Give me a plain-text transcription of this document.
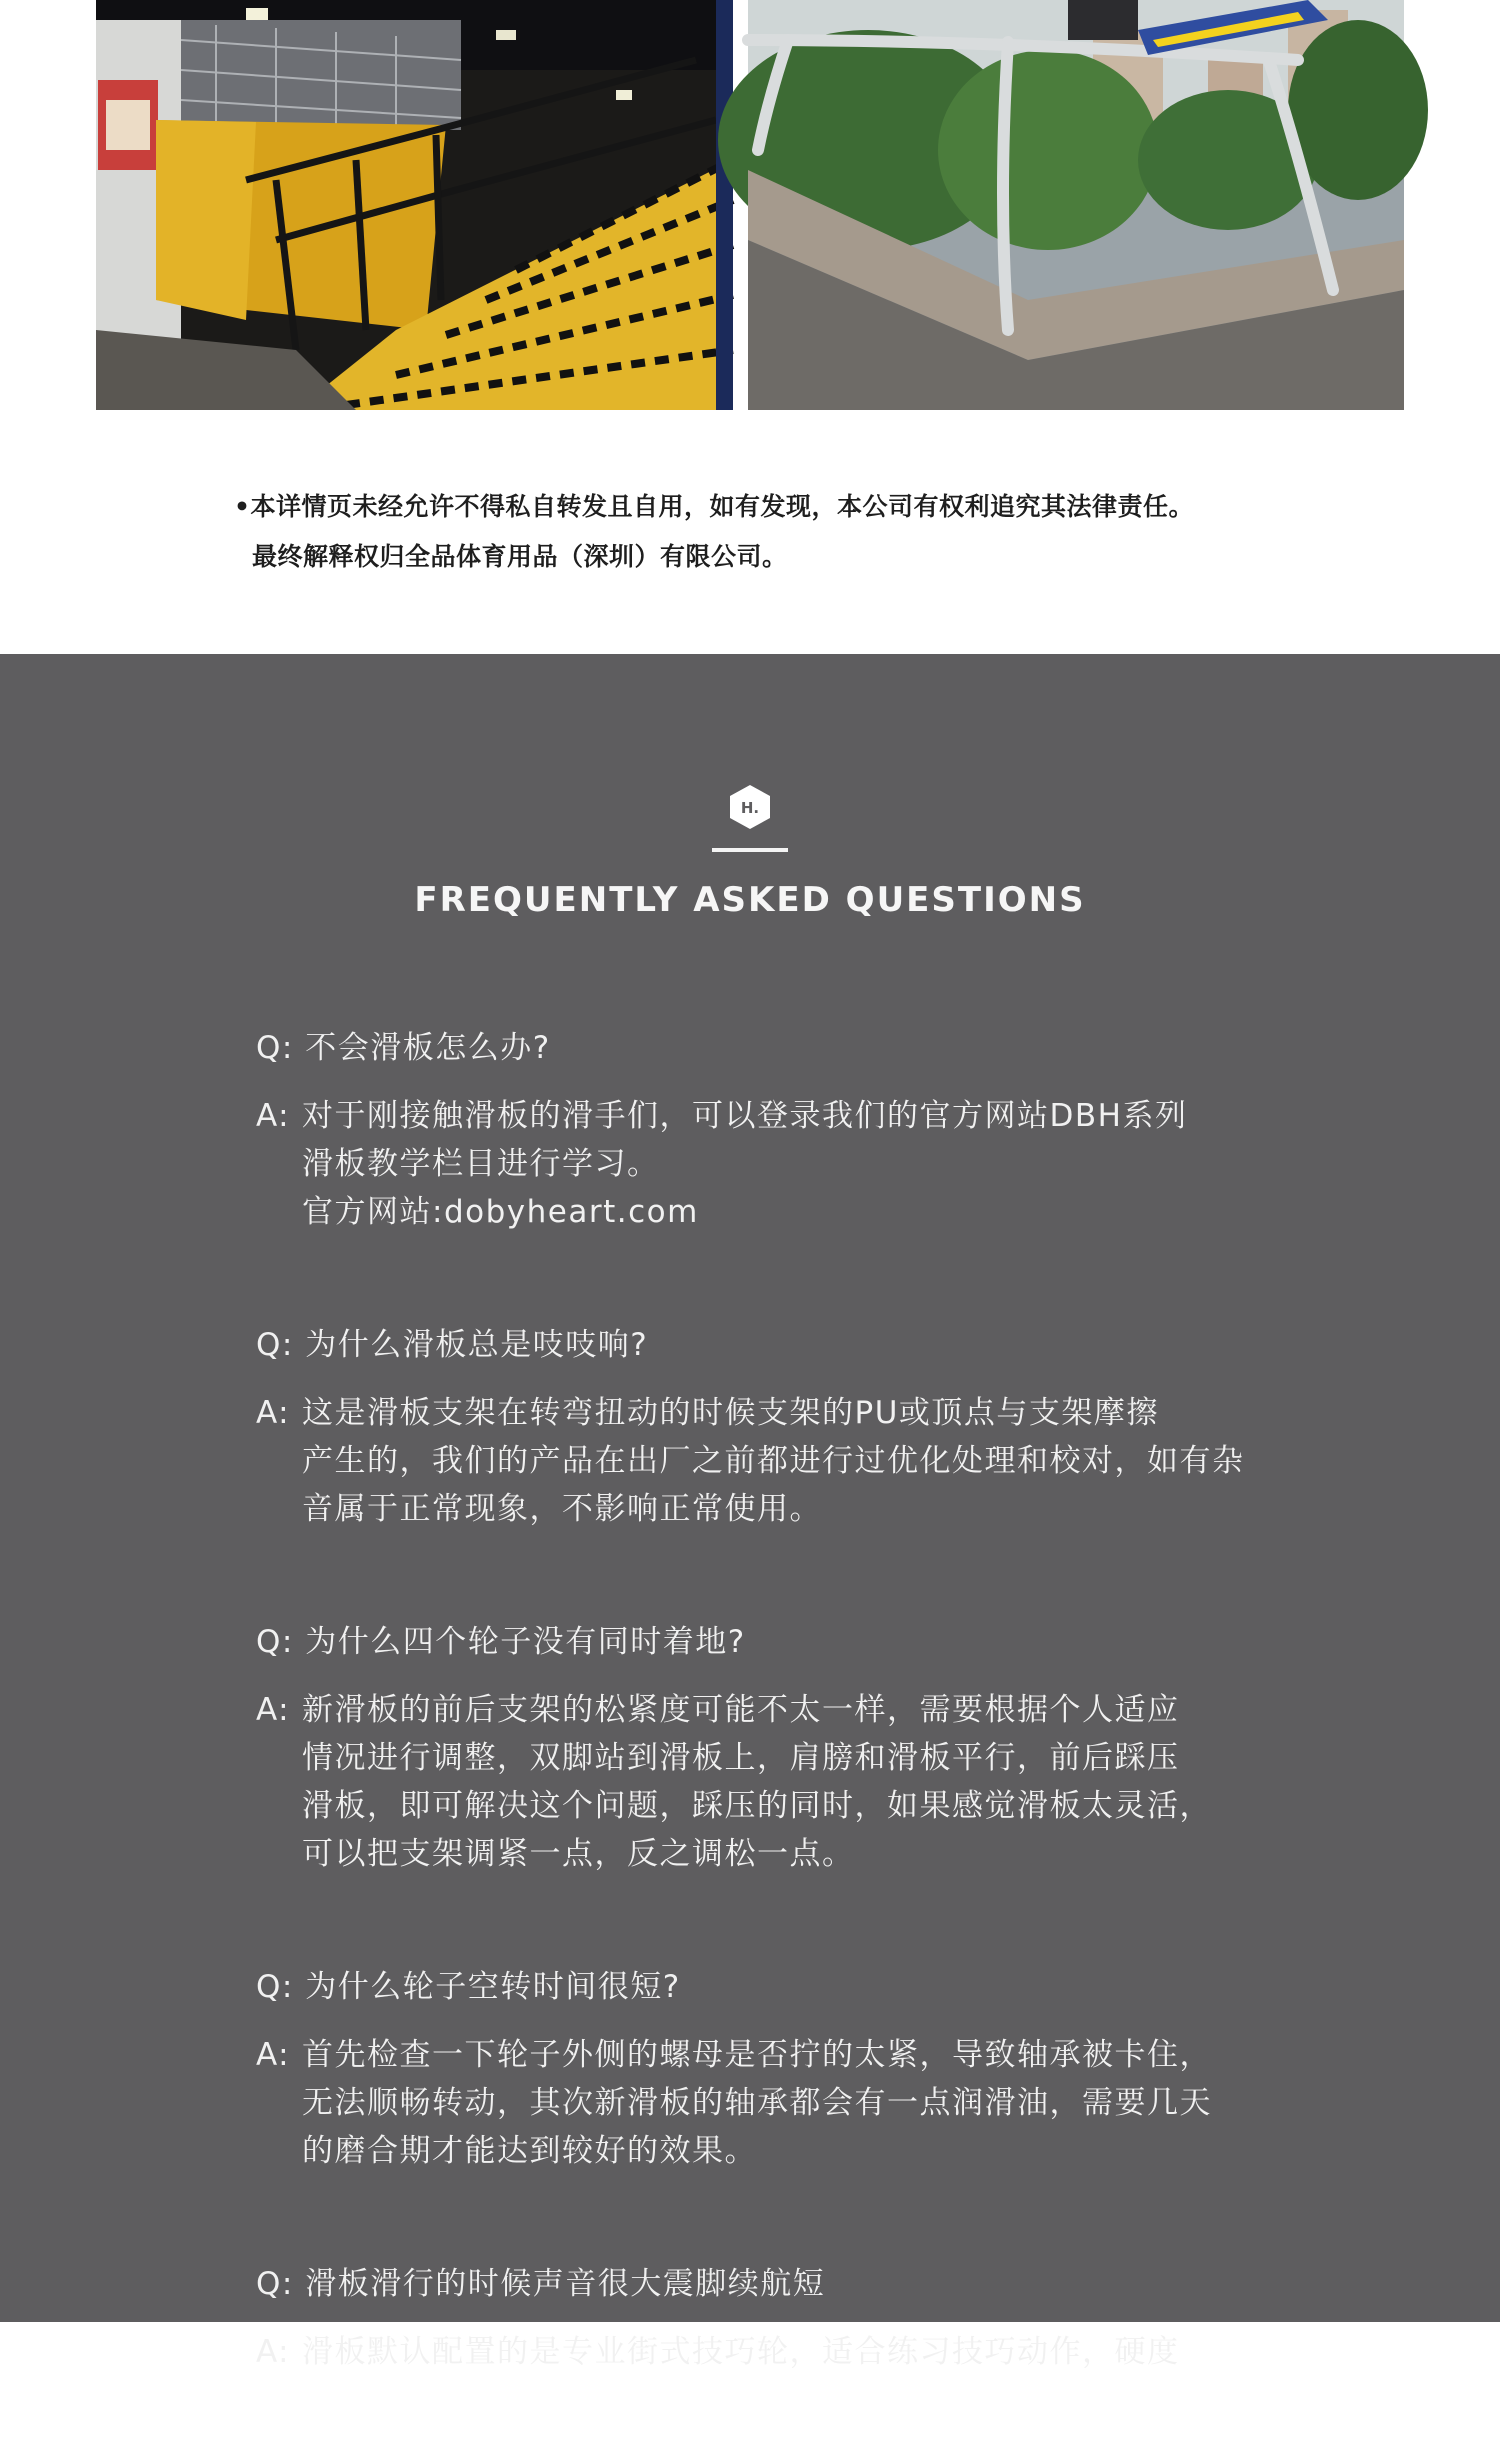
•本详情页未经允许不得私自转发且自用，如有发现，本公司有权利追究其法律责任。
最终解释权归全品体育用品（深圳）有限公司。
H.
FREQUENTLY ASKED QUESTIONS
Q: 不会滑板怎么办?
A: 对于刚接触滑板的滑手们，可以登录我们的官方网站DBH系列
滑板教学栏目进行学习。
官方网站:dobyheart.com
Q: 为什么滑板总是吱吱响?
A: 这是滑板支架在转弯扭动的时候支架的PU或顶点与支架摩擦
产生的，我们的产品在出厂之前都进行过优化处理和校对，如有杂
音属于正常现象，不影响正常使用。
Q: 为什么四个轮子没有同时着地?
A: 新滑板的前后支架的松紧度可能不太一样，需要根据个人适应
情况进行调整，双脚站到滑板上，肩膀和滑板平行，前后踩压
滑板，即可解决这个问题，踩压的同时，如果感觉滑板太灵活，
可以把支架调紧一点，反之调松一点。
Q: 为什么轮子空转时间很短?
A: 首先检查一下轮子外侧的螺母是否拧的太紧，导致轴承被卡住，
无法顺畅转动，其次新滑板的轴承都会有一点润滑油，需要几天
的磨合期才能达到较好的效果。
Q: 滑板滑行的时候声音很大震脚续航短
A: 滑板默认配置的是专业街式技巧轮，适合练习技巧动作，硬度
